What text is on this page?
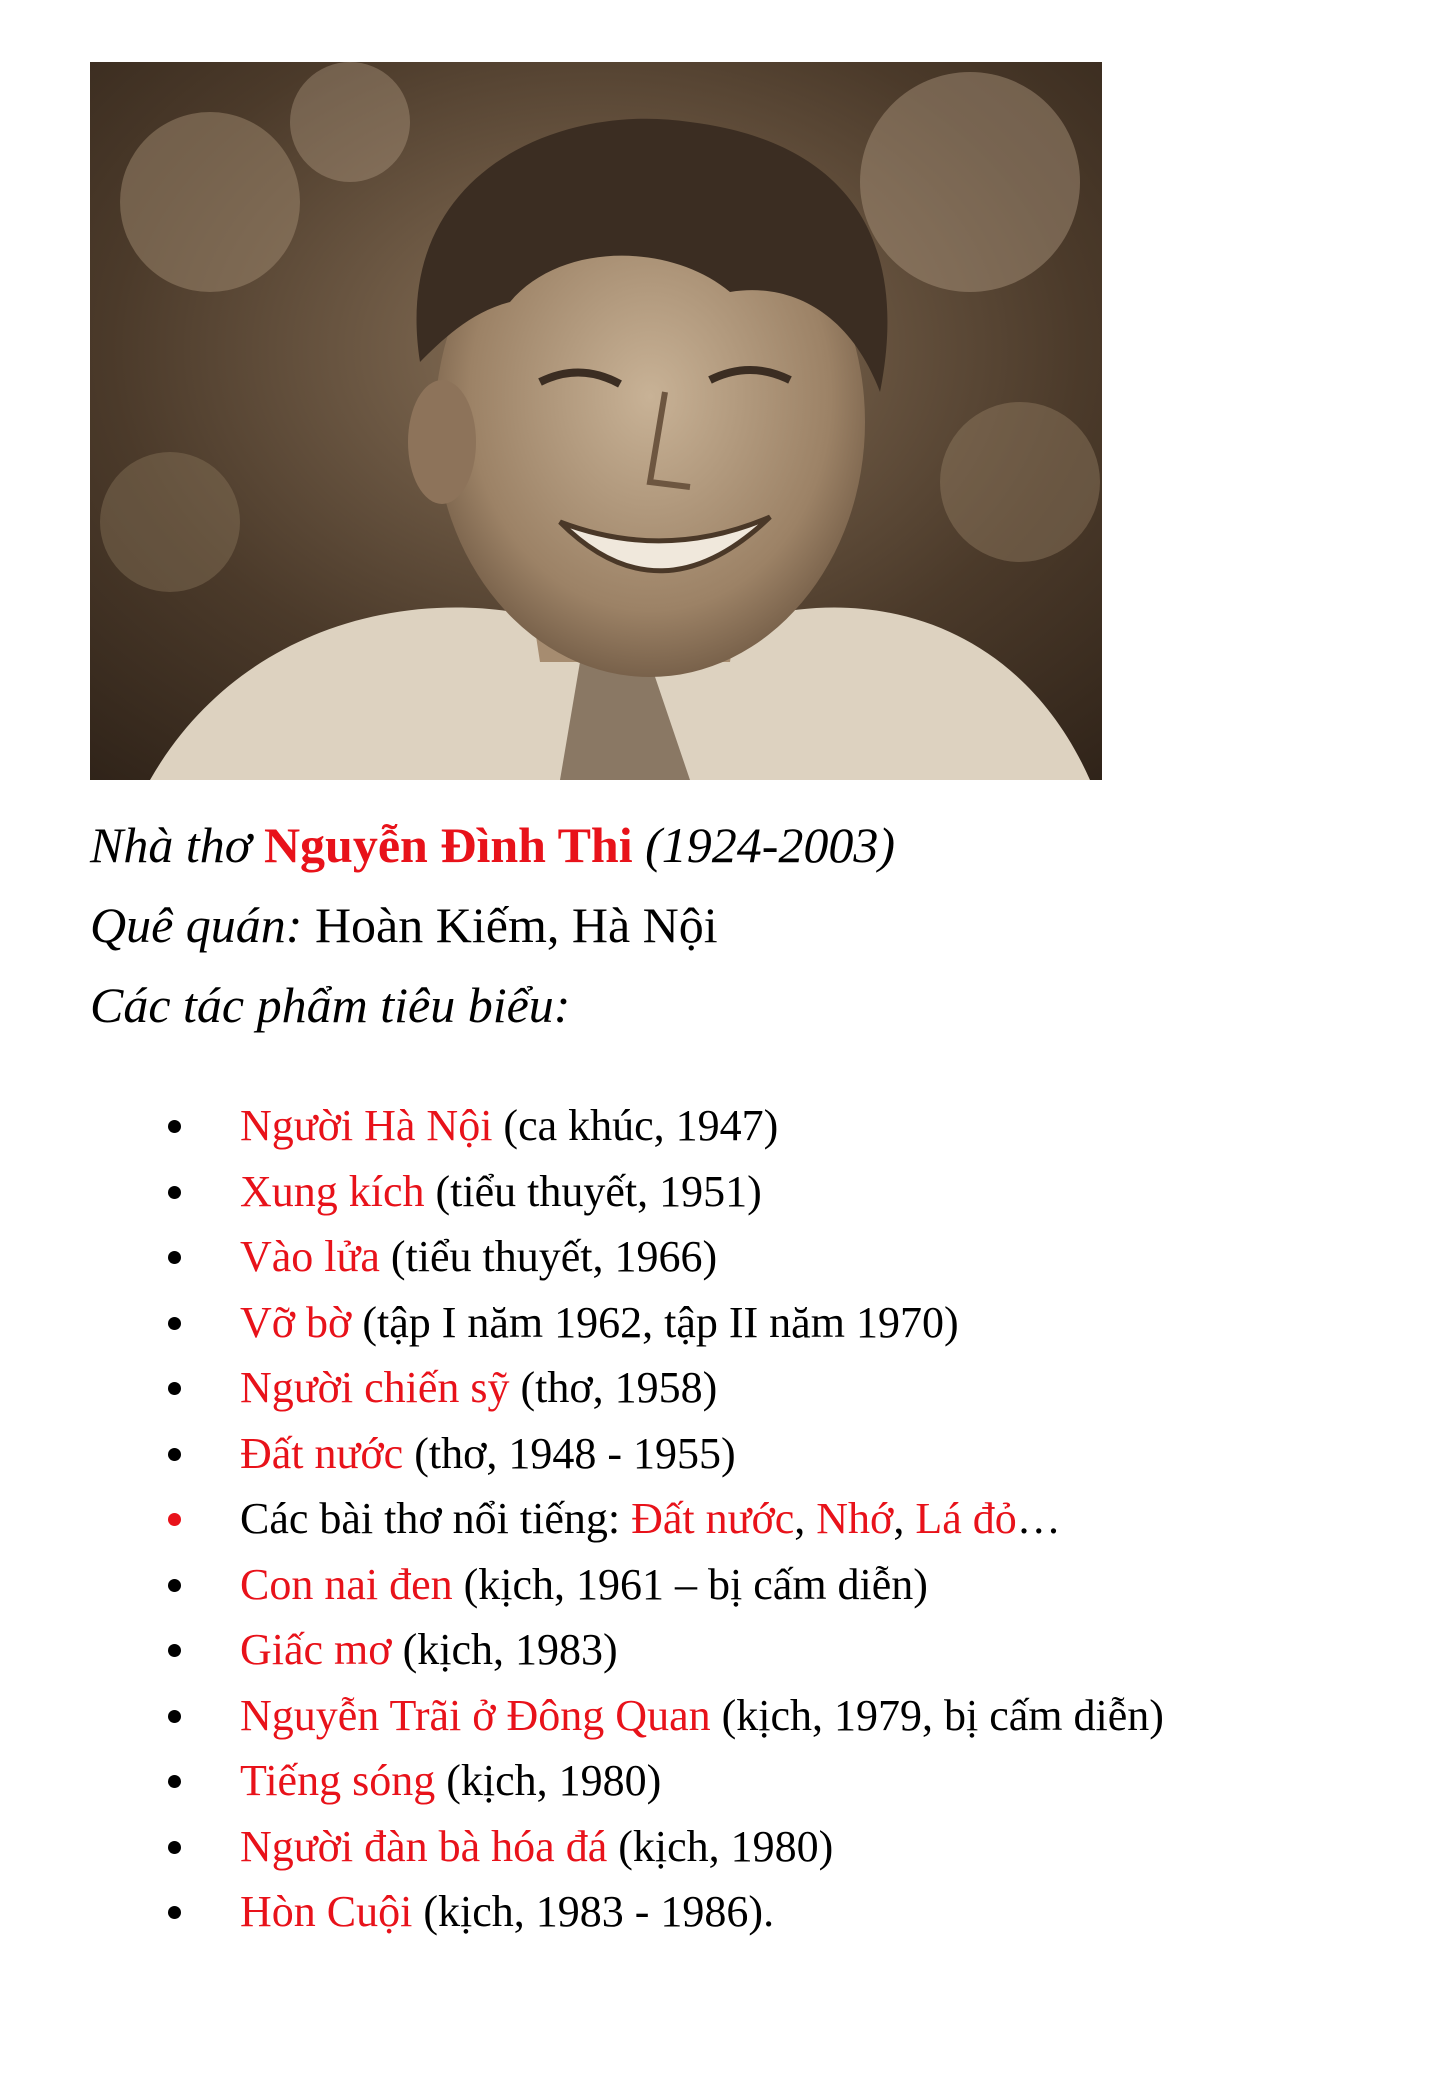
Nhà thơ Nguyễn Đình Thi (1924-2003)
Quê quán: Hoàn Kiếm, Hà Nội
Các tác phẩm tiêu biểu:
Người Hà Nội (ca khúc, 1947)
Xung kích (tiểu thuyết, 1951)
Vào lửa (tiểu thuyết, 1966)
Vỡ bờ (tập I năm 1962, tập II năm 1970)
Người chiến sỹ (thơ, 1958)
Đất nước (thơ, 1948 - 1955)
Các bài thơ nổi tiếng: Đất nước, Nhớ, Lá đỏ…
Con nai đen (kịch, 1961 – bị cấm diễn)
Giấc mơ (kịch, 1983)
Nguyễn Trãi ở Đông Quan (kịch, 1979, bị cấm diễn)
Tiếng sóng (kịch, 1980)
Người đàn bà hóa đá (kịch, 1980)
Hòn Cuội (kịch, 1983 - 1986).
